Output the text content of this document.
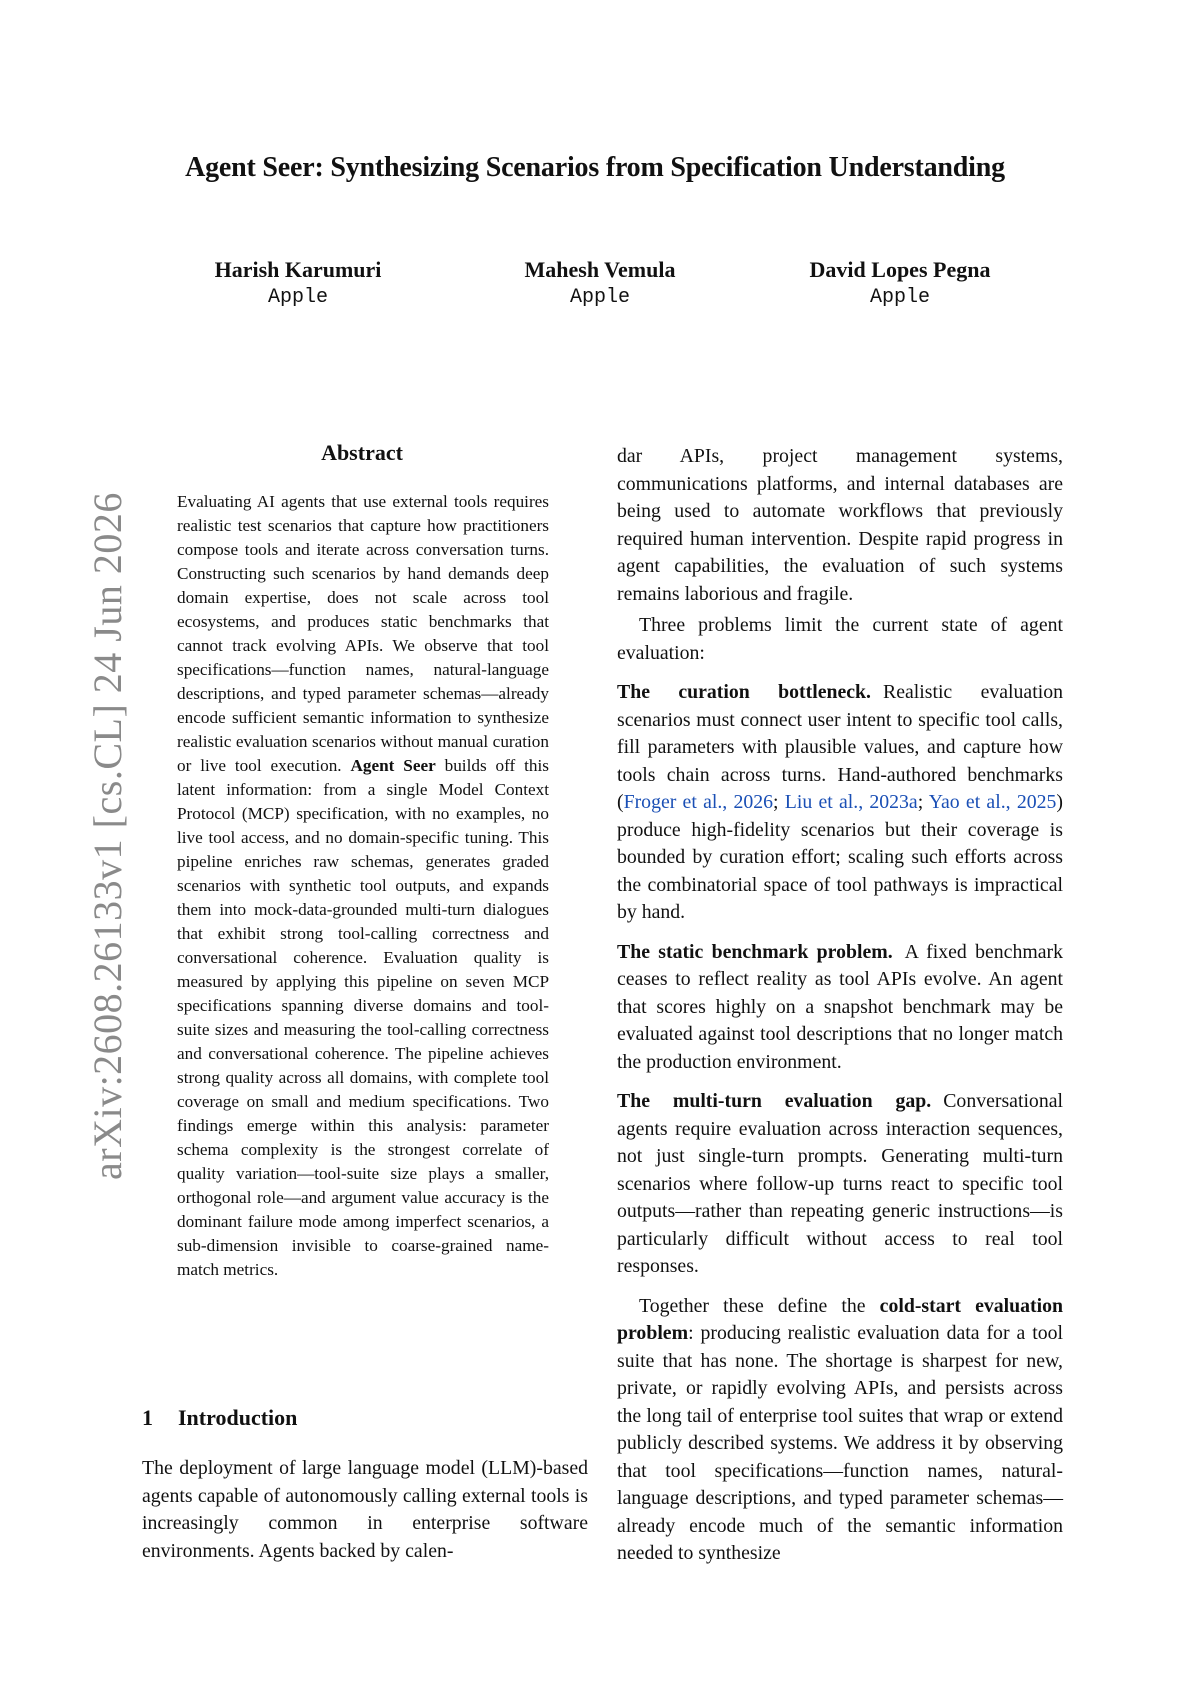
arXiv:2608.26133v1 [cs.CL] 24 Jun 2026
Agent Seer: Synthesizing Scenarios from Specification Understanding
Harish Karumuri
Apple
Mahesh Vemula
Apple
David Lopes Pegna
Apple
Abstract

Evaluating AI agents that use external tools requires realistic test scenarios that capture how practitioners compose tools and iterate across conversation turns. Constructing such scenarios by hand demands deep domain expertise, does not scale across tool ecosystems, and produces static benchmarks that cannot track evolving APIs. We observe that tool specifications—function names, natural-language descriptions, and typed parameter schemas—already encode sufficient semantic information to synthesize realistic evaluation scenarios without manual curation or live tool execution. Agent Seer builds off this latent information: from a single Model Context Protocol (MCP) specification, with no examples, no live tool access, and no domain-specific tuning. This pipeline enriches raw schemas, generates graded scenarios with synthetic tool outputs, and expands them into mock-data-grounded multi-turn dialogues that exhibit strong tool-calling correctness and conversational coherence. Evaluation quality is measured by applying this pipeline on seven MCP specifications spanning diverse domains and tool-suite sizes and measuring the tool-calling correctness and conversational coherence. The pipeline achieves strong quality across all domains, with complete tool coverage on small and medium specifications. Two findings emerge within this analysis: parameter schema complexity is the strongest correlate of quality variation—tool-suite size plays a smaller, orthogonal role—and argument value accuracy is the dominant failure mode among imperfect scenarios, a sub-dimension invisible to coarse-grained name-match metrics.

1 Introduction

The deployment of large language model (LLM)-based agents capable of autonomously calling external tools is increasingly common in enterprise software environments. Agents backed by calen-

dar APIs, project management systems, communications platforms, and internal databases are being used to automate workflows that previously required human intervention. Despite rapid progress in agent capabilities, the evaluation of such systems remains laborious and fragile.

Three problems limit the current state of agent evaluation:

The curation bottleneck. Realistic evaluation scenarios must connect user intent to specific tool calls, fill parameters with plausible values, and capture how tools chain across turns. Hand-authored benchmarks (Froger et al., 2026; Liu et al., 2023a; Yao et al., 2025) produce high-fidelity scenarios but their coverage is bounded by curation effort; scaling such efforts across the combinatorial space of tool pathways is impractical by hand.

The static benchmark problem. A fixed benchmark ceases to reflect reality as tool APIs evolve. An agent that scores highly on a snapshot benchmark may be evaluated against tool descriptions that no longer match the production environment.

The multi-turn evaluation gap. Conversational agents require evaluation across interaction sequences, not just single-turn prompts. Generating multi-turn scenarios where follow-up turns react to specific tool outputs—rather than repeating generic instructions—is particularly difficult without access to real tool responses.

Together these define the cold-start evaluation problem: producing realistic evaluation data for a tool suite that has none. The shortage is sharpest for new, private, or rapidly evolving APIs, and persists across the long tail of enterprise tool suites that wrap or extend publicly described systems. We address it by observing that tool specifications—function names, natural-language descriptions, and typed parameter schemas—already encode much of the semantic information needed to synthesize
